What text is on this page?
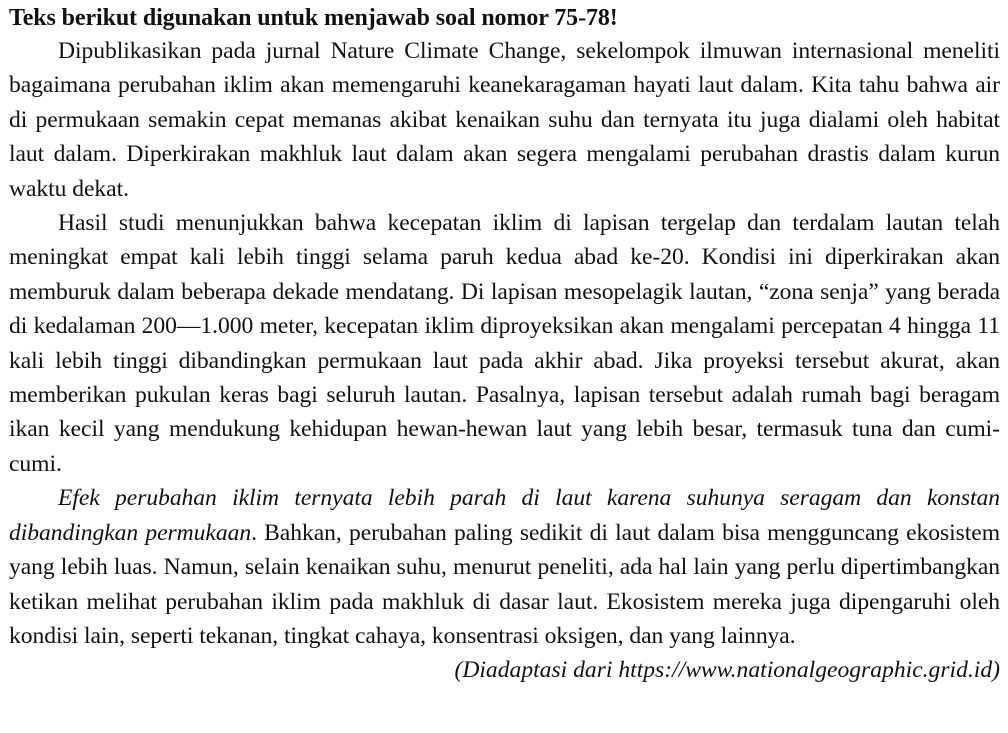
Teks berikut digunakan untuk menjawab soal nomor 75-78!

Dipublikasikan pada jurnal Nature Climate Change, sekelompok ilmuwan internasional meneliti bagaimana perubahan iklim akan memengaruhi keanekaragaman hayati laut dalam. Kita tahu bahwa air di permukaan semakin cepat memanas akibat kenaikan suhu dan ternyata itu juga dialami oleh habitat laut dalam. Diperkirakan makhluk laut dalam akan segera mengalami perubahan drastis dalam kurun waktu dekat.

Hasil studi menunjukkan bahwa kecepatan iklim di lapisan tergelap dan terdalam lautan telah meningkat empat kali lebih tinggi selama paruh kedua abad ke-20. Kondisi ini diperkirakan akan memburuk dalam beberapa dekade mendatang. Di lapisan mesopelagik lautan, “zona senja” yang berada di kedalaman 200—1.000 meter, kecepatan iklim diproyeksikan akan mengalami percepatan 4 hingga 11 kali lebih tinggi dibandingkan permukaan laut pada akhir abad. Jika proyeksi tersebut akurat, akan memberikan pukulan keras bagi seluruh lautan. Pasalnya, lapisan tersebut adalah rumah bagi beragam ikan kecil yang mendukung kehidupan hewan-hewan laut yang lebih besar, termasuk tuna dan cumi-cumi.

Efek perubahan iklim ternyata lebih parah di laut karena suhunya seragam dan konstan dibandingkan permukaan. Bahkan, perubahan paling sedikit di laut dalam bisa mengguncang ekosistem yang lebih luas. Namun, selain kenaikan suhu, menurut peneliti, ada hal lain yang perlu dipertimbangkan ketikan melihat perubahan iklim pada makhluk di dasar laut. Ekosistem mereka juga dipengaruhi oleh kondisi lain, seperti tekanan, tingkat cahaya, konsentrasi oksigen, dan yang lainnya.

(Diadaptasi dari https://www.nationalgeographic.grid.id)
